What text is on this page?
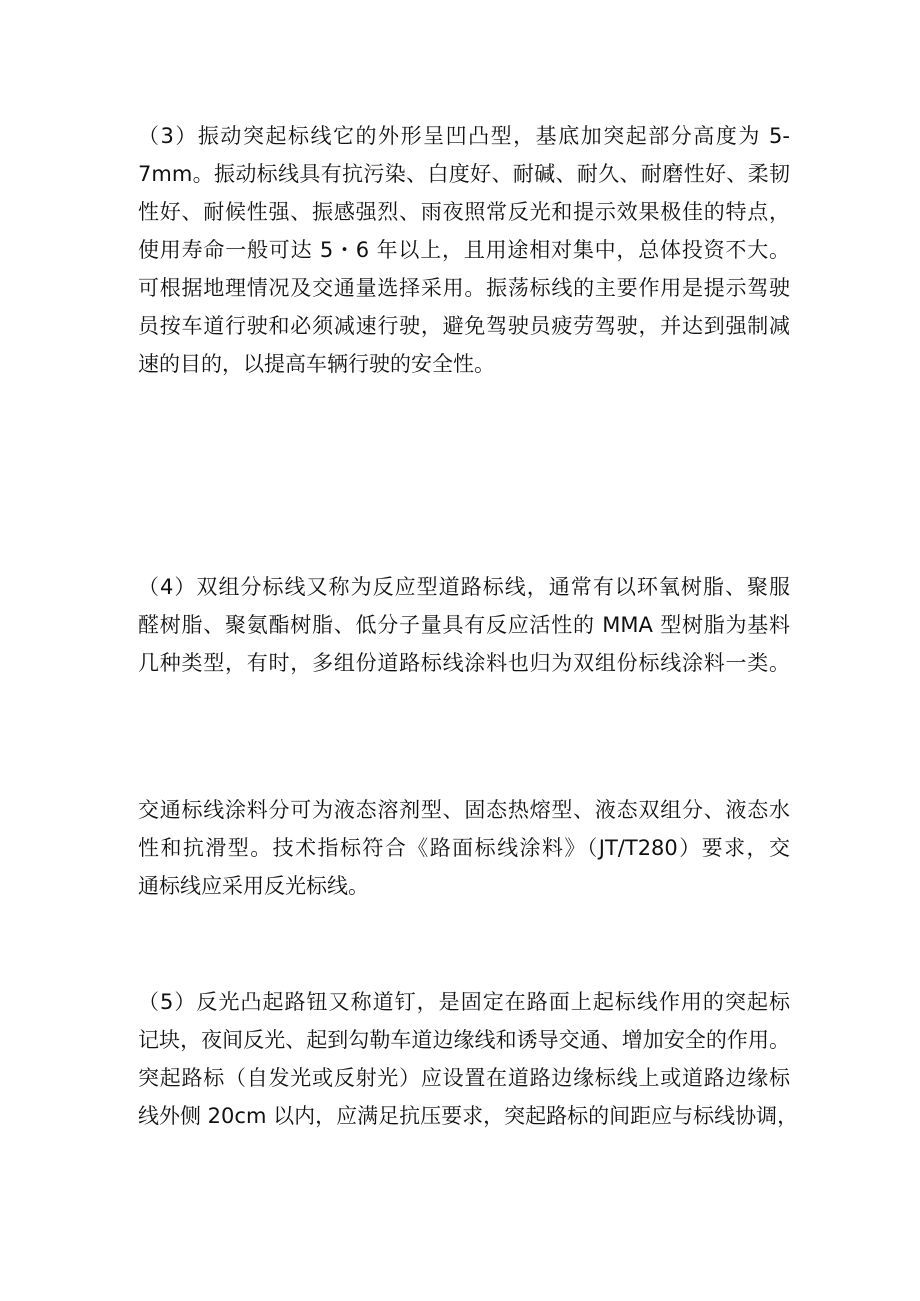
（3）振动突起标线它的外形呈凹凸型，基底加突起部分高度为 5-
7mm。振动标线具有抗污染、白度好、耐碱、耐久、耐磨性好、柔韧
性好、耐候性强、振感强烈、雨夜照常反光和提示效果极佳的特点，
使用寿命一般可达 5・6 年以上，且用途相对集中，总体投资不大。
可根据地理情况及交通量选择采用。振荡标线的主要作用是提示驾驶
员按车道行驶和必须减速行驶，避免驾驶员疲劳驾驶，并达到强制减
速的目的，以提高车辆行驶的安全性。
（4）双组分标线又称为反应型道路标线，通常有以环氧树脂、聚服
醛树脂、聚氨酯树脂、低分子量具有反应活性的 MMA 型树脂为基料
几种类型，有时，多组份道路标线涂料也归为双组份标线涂料一类。
交通标线涂料分可为液态溶剂型、固态热熔型、液态双组分、液态水
性和抗滑型。技术指标符合《路面标线涂料》（JT/T280）要求，交
通标线应采用反光标线。
（5）反光凸起路钮又称道钉，是固定在路面上起标线作用的突起标
记块，夜间反光、起到勾勒车道边缘线和诱导交通、增加安全的作用。
突起路标（自发光或反射光）应设置在道路边缘标线上或道路边缘标
线外侧 20cm 以内，应满足抗压要求，突起路标的间距应与标线协调，
